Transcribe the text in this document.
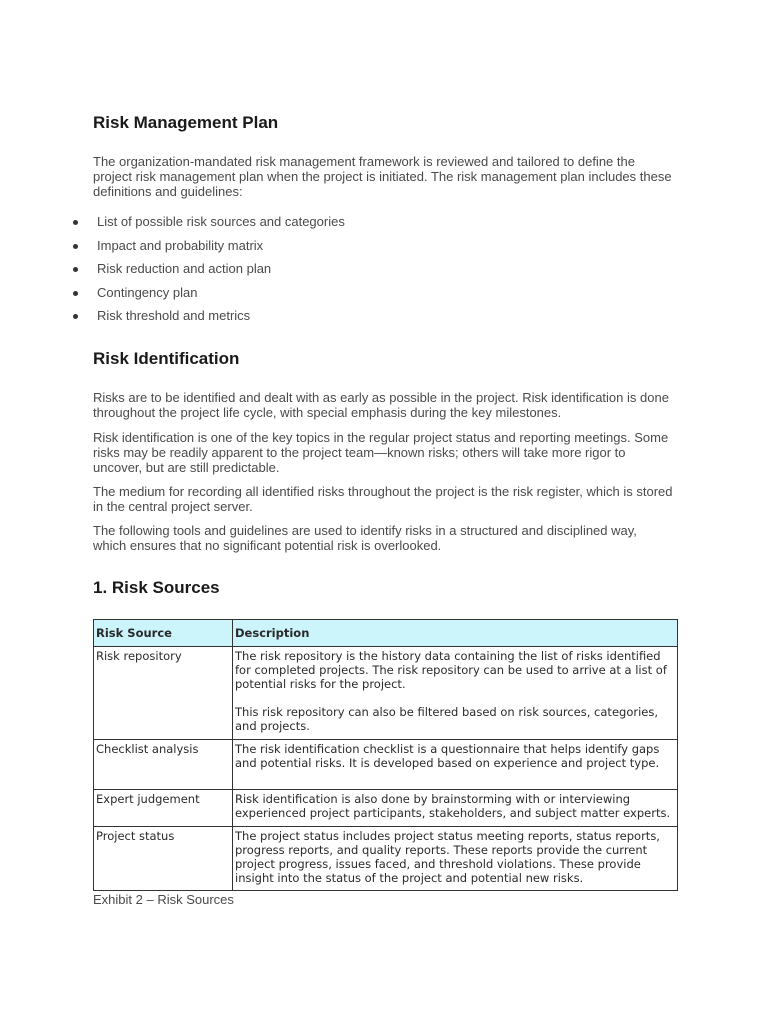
Risk Management Plan

The organization-mandated risk management framework is reviewed and tailored to define the project risk management plan when the project is initiated. The risk management plan includes these definitions and guidelines:

List of possible risk sources and categories
Impact and probability matrix
Risk reduction and action plan
Contingency plan
Risk threshold and metrics
Risk Identification

Risks are to be identified and dealt with as early as possible in the project. Risk identification is done throughout the project life cycle, with special emphasis during the key milestones.

Risk identification is one of the key topics in the regular project status and reporting meetings. Some risks may be readily apparent to the project team—known risks; others will take more rigor to uncover, but are still predictable.

The medium for recording all identified risks throughout the project is the risk register, which is stored in the central project server.

The following tools and guidelines are used to identify risks in a structured and disciplined way, which ensures that no significant potential risk is overlooked.

1. Risk Sources
Risk Source	Description
Risk repository	The risk repository is the history data containing the list of risks identified for completed projects. The risk repository can be used to arrive at a list of potential risks for the project.

This risk repository can also be filtered based on risk sources, categories, and projects.

Checklist analysis	The risk identification checklist is a questionnaire that helps identify gaps and potential risks. It is developed based on experience and project type.

Expert judgement	Risk identification is also done by brainstorming with or interviewing experienced project participants, stakeholders, and subject matter experts.

Project status	The project status includes project status meeting reports, status reports, progress reports, and quality reports. These reports provide the current project progress, issues faced, and threshold violations. These provide insight into the status of the project and potential new risks.

Exhibit 2 – Risk Sources
